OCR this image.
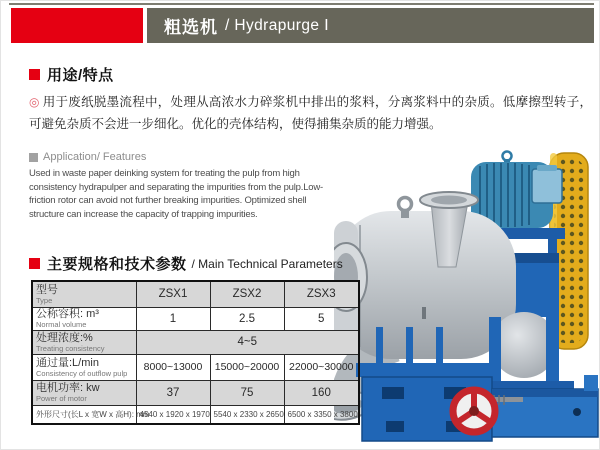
粗选机 / Hydrapurge Ⅰ
用途/特点
◎ 用于废纸脱墨流程中，处理从高浓水力碎浆机中排出的浆料，分离浆料中的杂质。低摩擦型转子，可避免杂质不会进一步细化。优化的壳体结构，使得捕集杂质的能力增强。
Application/ Features
Used in waste paper deinking system for treating the pulp from high consistency hydrapulper and separating the impurities from the pulp.Low-friction rotor can avoid not further breaking impurities. Optimized shell structure can increase the capacity of trapping impurities.
主要规格和技术参数 / Main Technical Parameters
型号
Type	ZSX1	ZSX2	ZSX3

公称容积: m³
Normal volume	1	2.5	5

处理浓度:%
Treating consistency	4~5		

通过量:L/min
Consistency of outflow pulp	8000~13000	15000~20000	22000~30000

电机功率: kw
Power of motor	37	75	160

外形尺寸(长L x 宽W x 高H): mm	4540 x 1920 x 1970	5540 x 2330 x 2650	6500 x 3350 x 3800
